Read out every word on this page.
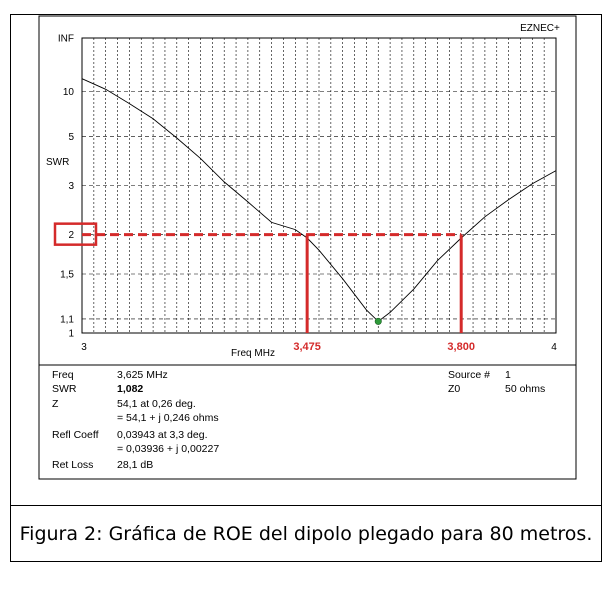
INF
10
5
3
2
1,5
1,1
1
3	4
3,475	3,800
EZNEC+
SWR
Freq MHz
Freq	3,625 MHz
SWR	1,082
Z	54,1 at 0,26 deg.
= 54,1 + j 0,246 ohms
Refl Coeff 0,03943 at 3,3 deg.
= 0,03936 + j 0,00227
Ret Loss 28,1 dB
Source # 1
Z0	50 ohms
Figura 2: Gráfica de ROE del dipolo plegado para 80 metros.
